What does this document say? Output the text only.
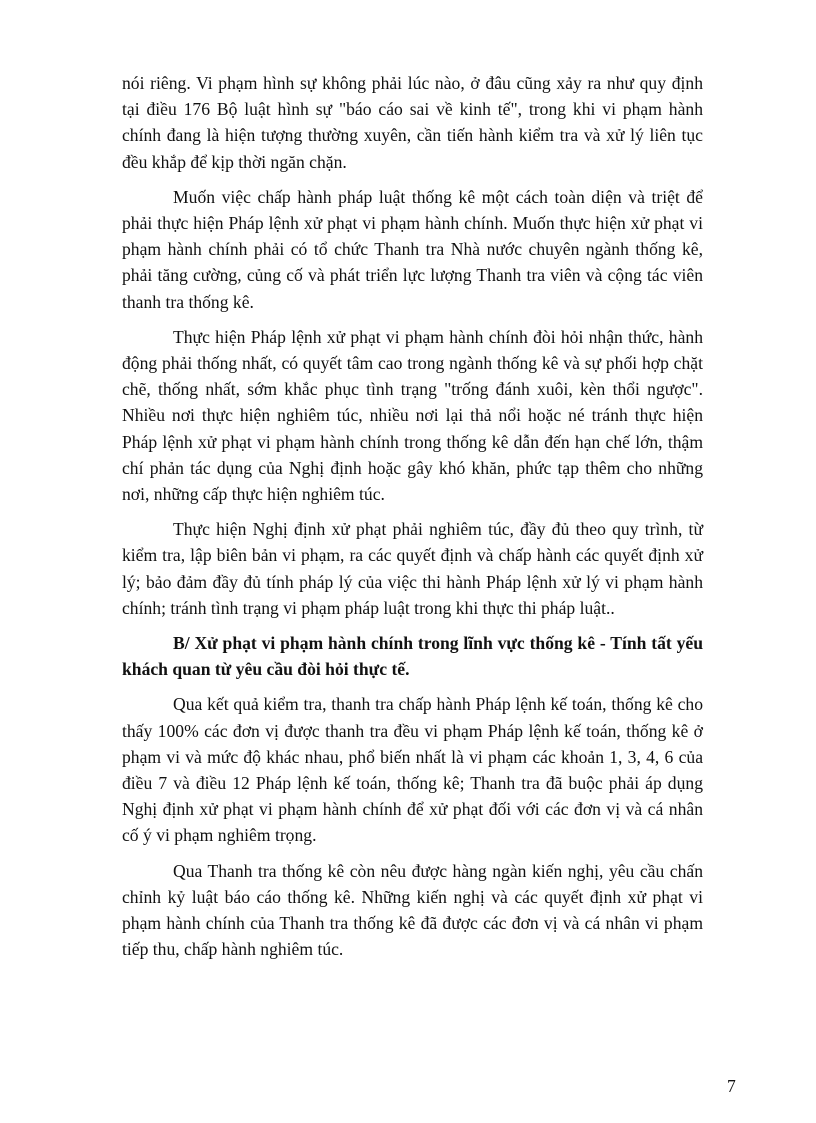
nói riêng. Vi phạm hình sự không phải lúc nào, ở đâu cũng xảy ra như quy định tại điều 176 Bộ luật hình sự "báo cáo sai về kinh tế", trong khi vi phạm hành chính đang là hiện tượng thường xuyên, cần tiến hành kiểm tra và xử lý liên tục đều khắp để kịp thời ngăn chặn.

Muốn việc chấp hành pháp luật thống kê một cách toàn diện và triệt để phải thực hiện Pháp lệnh xử phạt vi phạm hành chính. Muốn thực hiện xử phạt vi phạm hành chính phải có tổ chức Thanh tra Nhà nước chuyên ngành thống kê, phải tăng cường, củng cố và phát triển lực lượng Thanh tra viên và cộng tác viên thanh tra thống kê.

Thực hiện Pháp lệnh xử phạt vi phạm hành chính đòi hỏi nhận thức, hành động phải thống nhất, có quyết tâm cao trong ngành thống kê và sự phối hợp chặt chẽ, thống nhất, sớm khắc phục tình trạng "trống đánh xuôi, kèn thổi ngược". Nhiều nơi thực hiện nghiêm túc, nhiều nơi lại thả nổi hoặc né tránh thực hiện Pháp lệnh xử phạt vi phạm hành chính trong thống kê dẫn đến hạn chế lớn, thậm chí phản tác dụng của Nghị định hoặc gây khó khăn, phức tạp thêm cho những nơi, những cấp thực hiện nghiêm túc.

Thực hiện Nghị định xử phạt phải nghiêm túc, đầy đủ theo quy trình, từ kiểm tra, lập biên bản vi phạm, ra các quyết định và chấp hành các quyết định xử lý; bảo đảm đầy đủ tính pháp lý của việc thi hành Pháp lệnh xử lý vi phạm hành chính; tránh tình trạng vi phạm pháp luật trong khi thực thi pháp luật..

B/ Xử phạt vi phạm hành chính trong lĩnh vực thống kê - Tính tất yếu khách quan từ yêu cầu đòi hỏi thực tế.

Qua kết quả kiểm tra, thanh tra chấp hành Pháp lệnh kế toán, thống kê cho thấy 100% các đơn vị được thanh tra đều vi phạm Pháp lệnh kế toán, thống kê ở phạm vi và mức độ khác nhau, phổ biến nhất là vi phạm các khoản 1, 3, 4, 6 của điều 7 và điều 12 Pháp lệnh kế toán, thống kê; Thanh tra đã buộc phải áp dụng Nghị định xử phạt vi phạm hành chính để xử phạt đối với các đơn vị và cá nhân cố ý vi phạm nghiêm trọng.

Qua Thanh tra thống kê còn nêu được hàng ngàn kiến nghị, yêu cầu chấn chỉnh kỷ luật báo cáo thống kê. Những kiến nghị và các quyết định xử phạt vi phạm hành chính của Thanh tra thống kê đã được các đơn vị và cá nhân vi phạm tiếp thu, chấp hành nghiêm túc.

7
